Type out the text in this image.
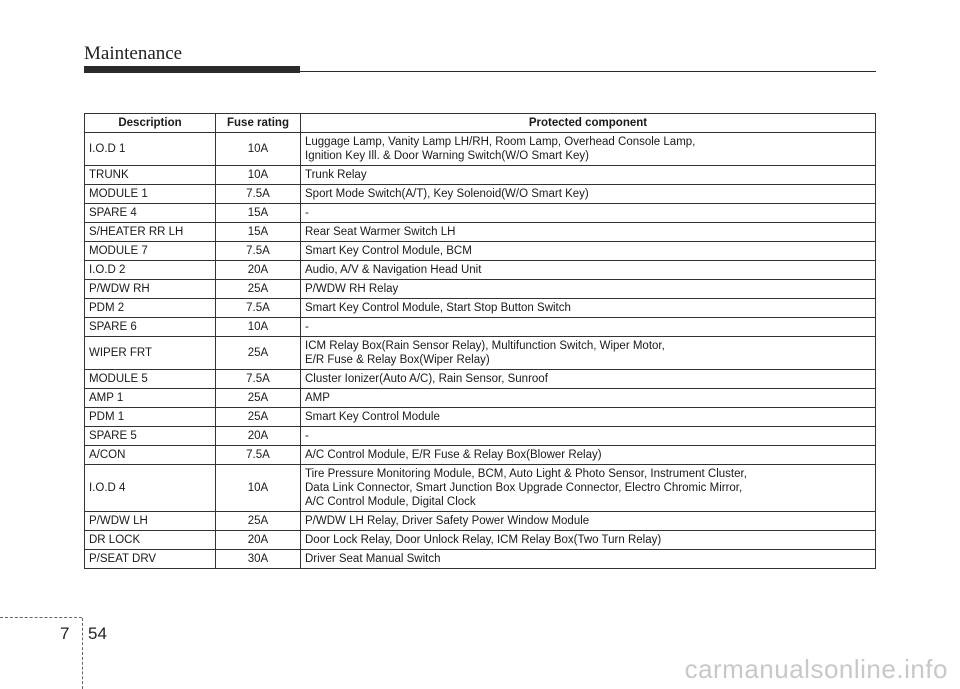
Maintenance
Description	Fuse rating	Protected component
I.O.D 1	10A	Luggage Lamp, Vanity Lamp LH/RH, Room Lamp, Overhead Console Lamp,
Ignition Key Ill. & Door Warning Switch(W/O Smart Key)

TRUNK	10A	Trunk Relay

MODULE 1	7.5A	Sport Mode Switch(A/T), Key Solenoid(W/O Smart Key)

SPARE 4	15A	-

S/HEATER RR LH	15A	Rear Seat Warmer Switch LH

MODULE 7	7.5A	Smart Key Control Module, BCM

I.O.D 2	20A	Audio, A/V & Navigation Head Unit

P/WDW RH	25A	P/WDW RH Relay

PDM 2	7.5A	Smart Key Control Module, Start Stop Button Switch

SPARE 6	10A	-

WIPER FRT	25A	ICM Relay Box(Rain Sensor Relay), Multifunction Switch, Wiper Motor,
E/R Fuse & Relay Box(Wiper Relay)

MODULE 5	7.5A	Cluster Ionizer(Auto A/C), Rain Sensor, Sunroof

AMP 1	25A	AMP

PDM 1	25A	Smart Key Control Module

SPARE 5	20A	-

A/CON	7.5A	A/C Control Module, E/R Fuse & Relay Box(Blower Relay)

I.O.D 4	10A	Tire Pressure Monitoring Module, BCM, Auto Light & Photo Sensor, Instrument Cluster,
Data Link Connector, Smart Junction Box Upgrade Connector, Electro Chromic Mirror,
A/C Control Module, Digital Clock

P/WDW LH	25A	P/WDW LH Relay, Driver Safety Power Window Module

DR LOCK	20A	Door Lock Relay, Door Unlock Relay, ICM Relay Box(Two Turn Relay)

P/SEAT DRV	30A	Driver Seat Manual Switch
7 54
carmanualsonline.info
